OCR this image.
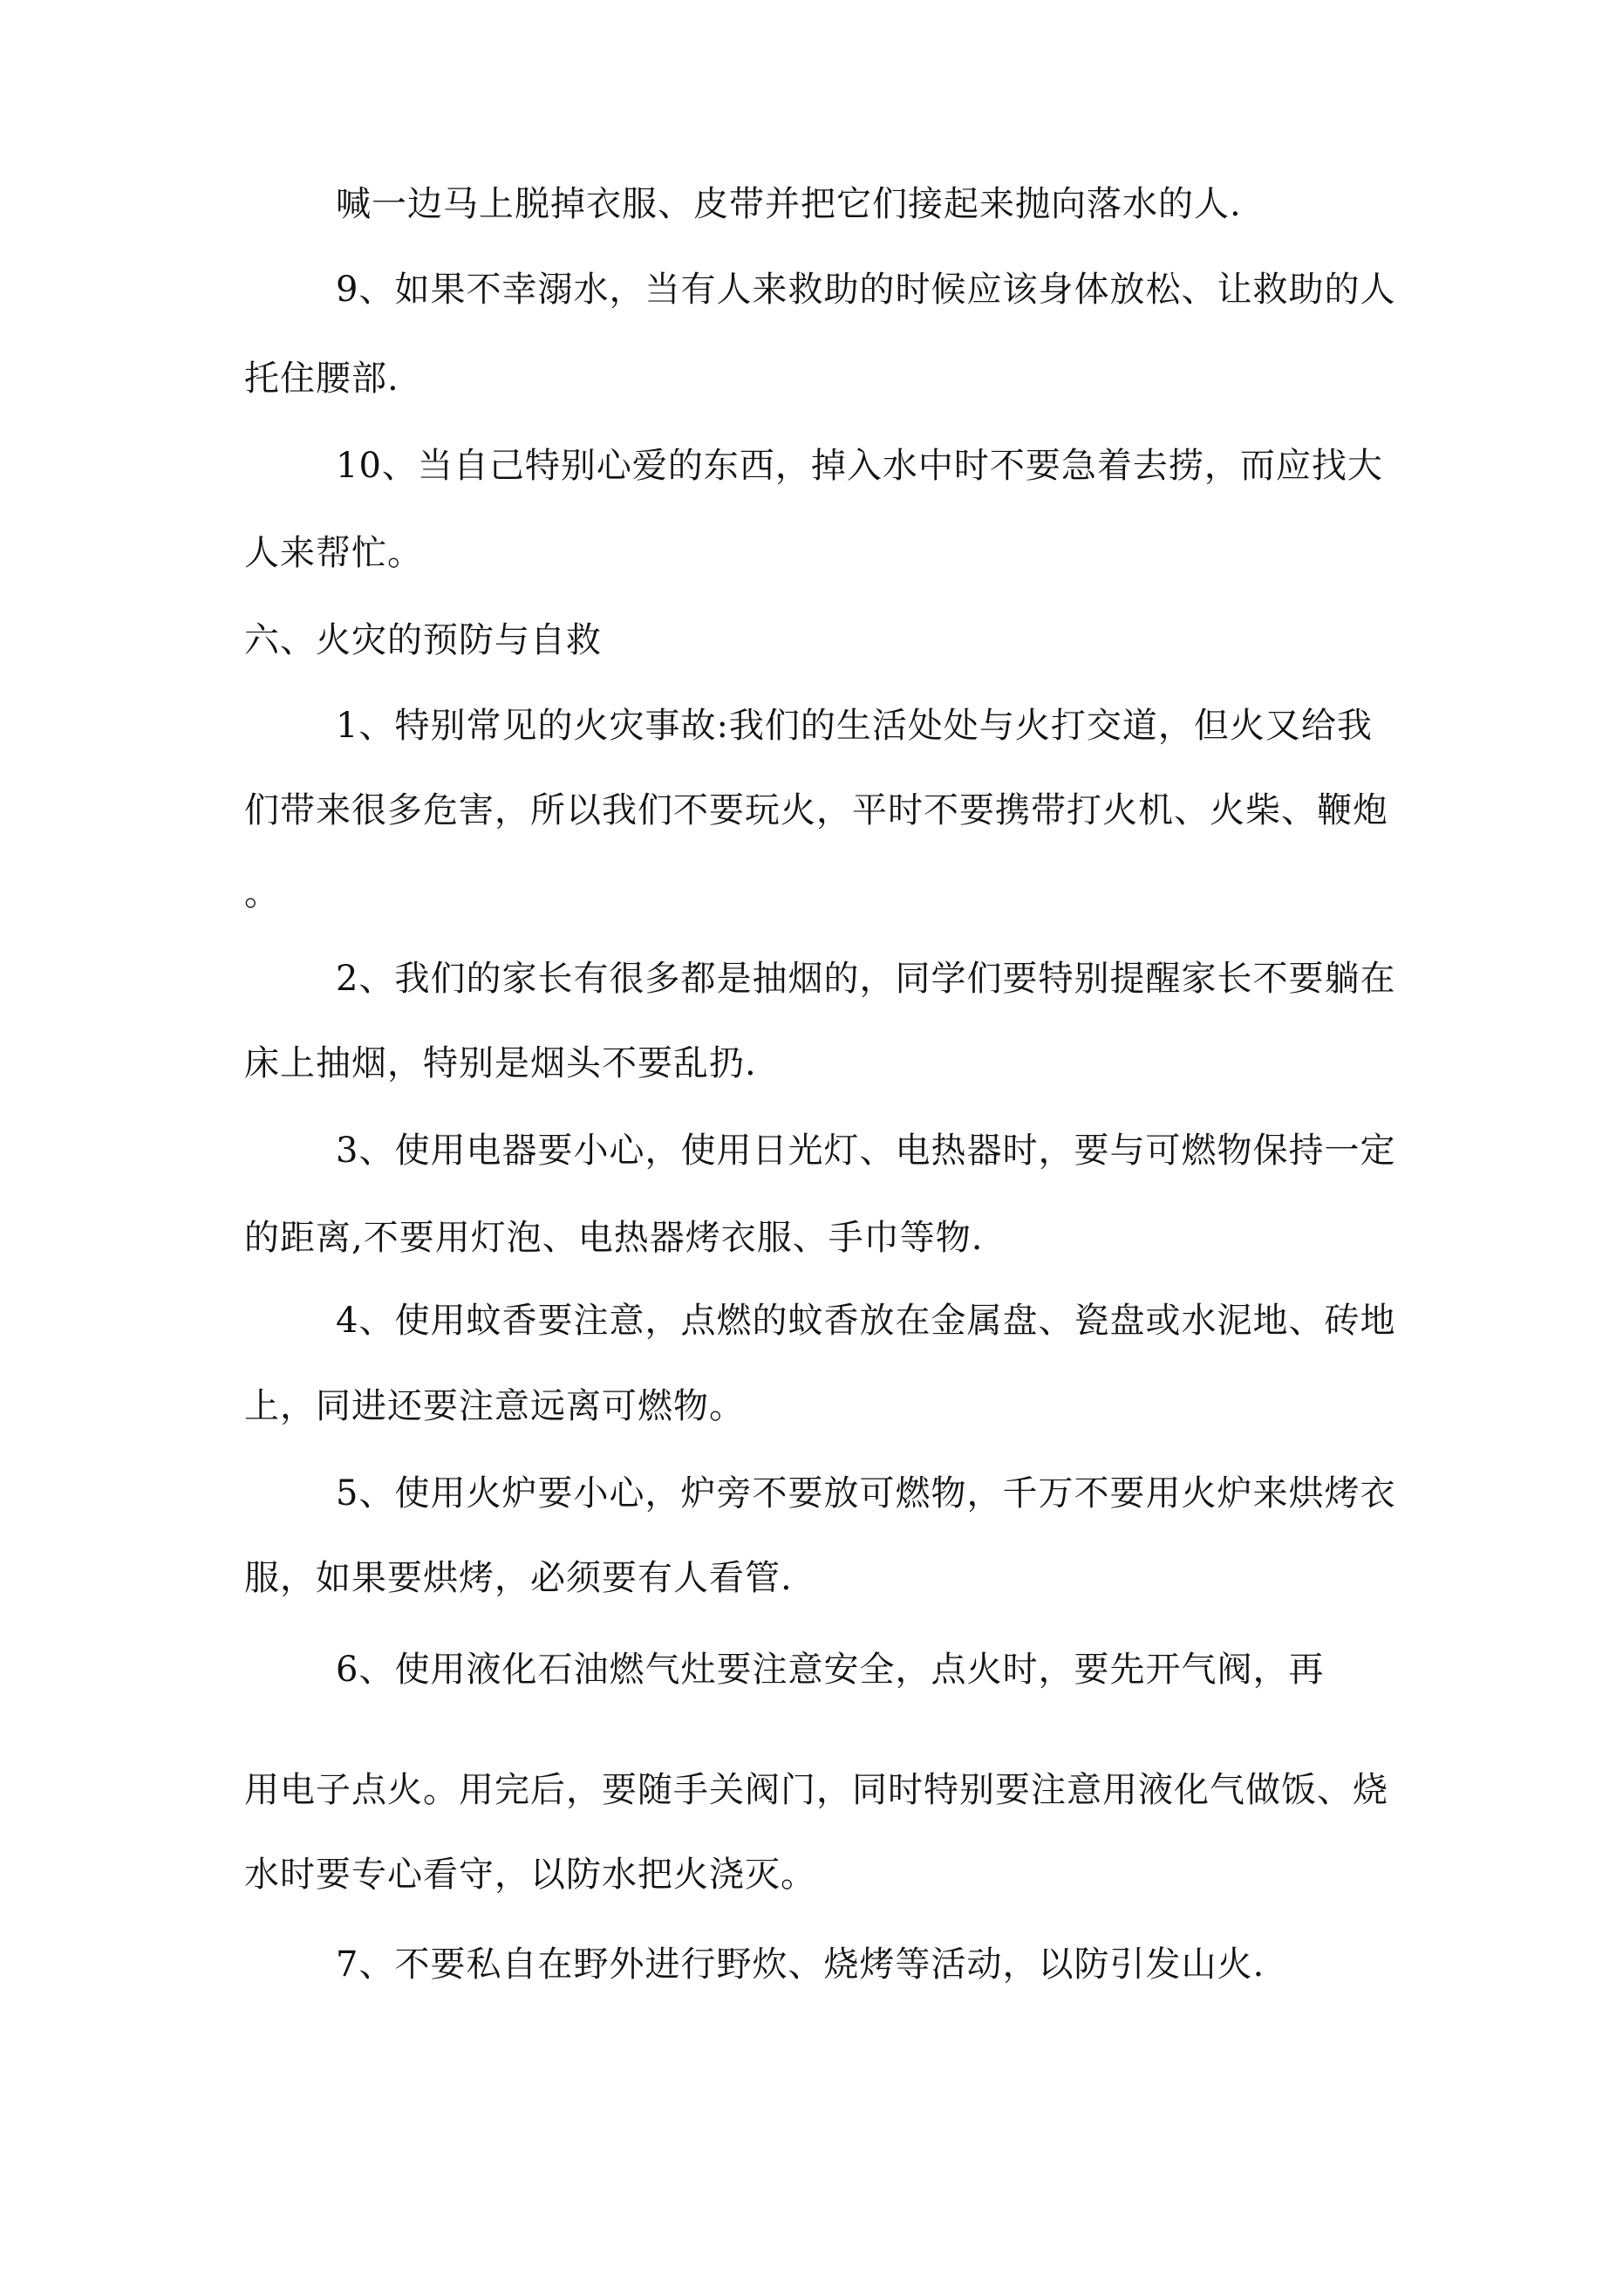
喊一边马上脱掉衣服、皮带并把它们接起来抛向落水的人.
9、如果不幸溺水，当有人来救助的时候应该身体放松、让救助的人
托住腰部.
10、当自己特别心爱的东西，掉入水中时不要急着去捞，而应找大
人来帮忙。
六、火灾的预防与自救
1、特别常见的火灾事故:我们的生活处处与火打交道，但火又给我
们带来很多危害，所以我们不要玩火，平时不要携带打火机、火柴、鞭炮
。
2、我们的家长有很多都是抽烟的，同学们要特别提醒家长不要躺在
床上抽烟，特别是烟头不要乱扔.
3、使用电器要小心，使用日光灯、电热器时，要与可燃物保持一定
的距离,不要用灯泡、电热器烤衣服、手巾等物.
4、使用蚊香要注意，点燃的蚊香放在金属盘、瓷盘或水泥地、砖地
上，同进还要注意远离可燃物。
5、使用火炉要小心，炉旁不要放可燃物，千万不要用火炉来烘烤衣
服，如果要烘烤，必须要有人看管.
6、使用液化石油燃气灶要注意安全，点火时，要先开气阀，再
用电子点火。用完后，要随手关阀门，同时特别要注意用液化气做饭、烧
水时要专心看守，以防水把火浇灭。
7、不要私自在野外进行野炊、烧烤等活动，以防引发山火.
